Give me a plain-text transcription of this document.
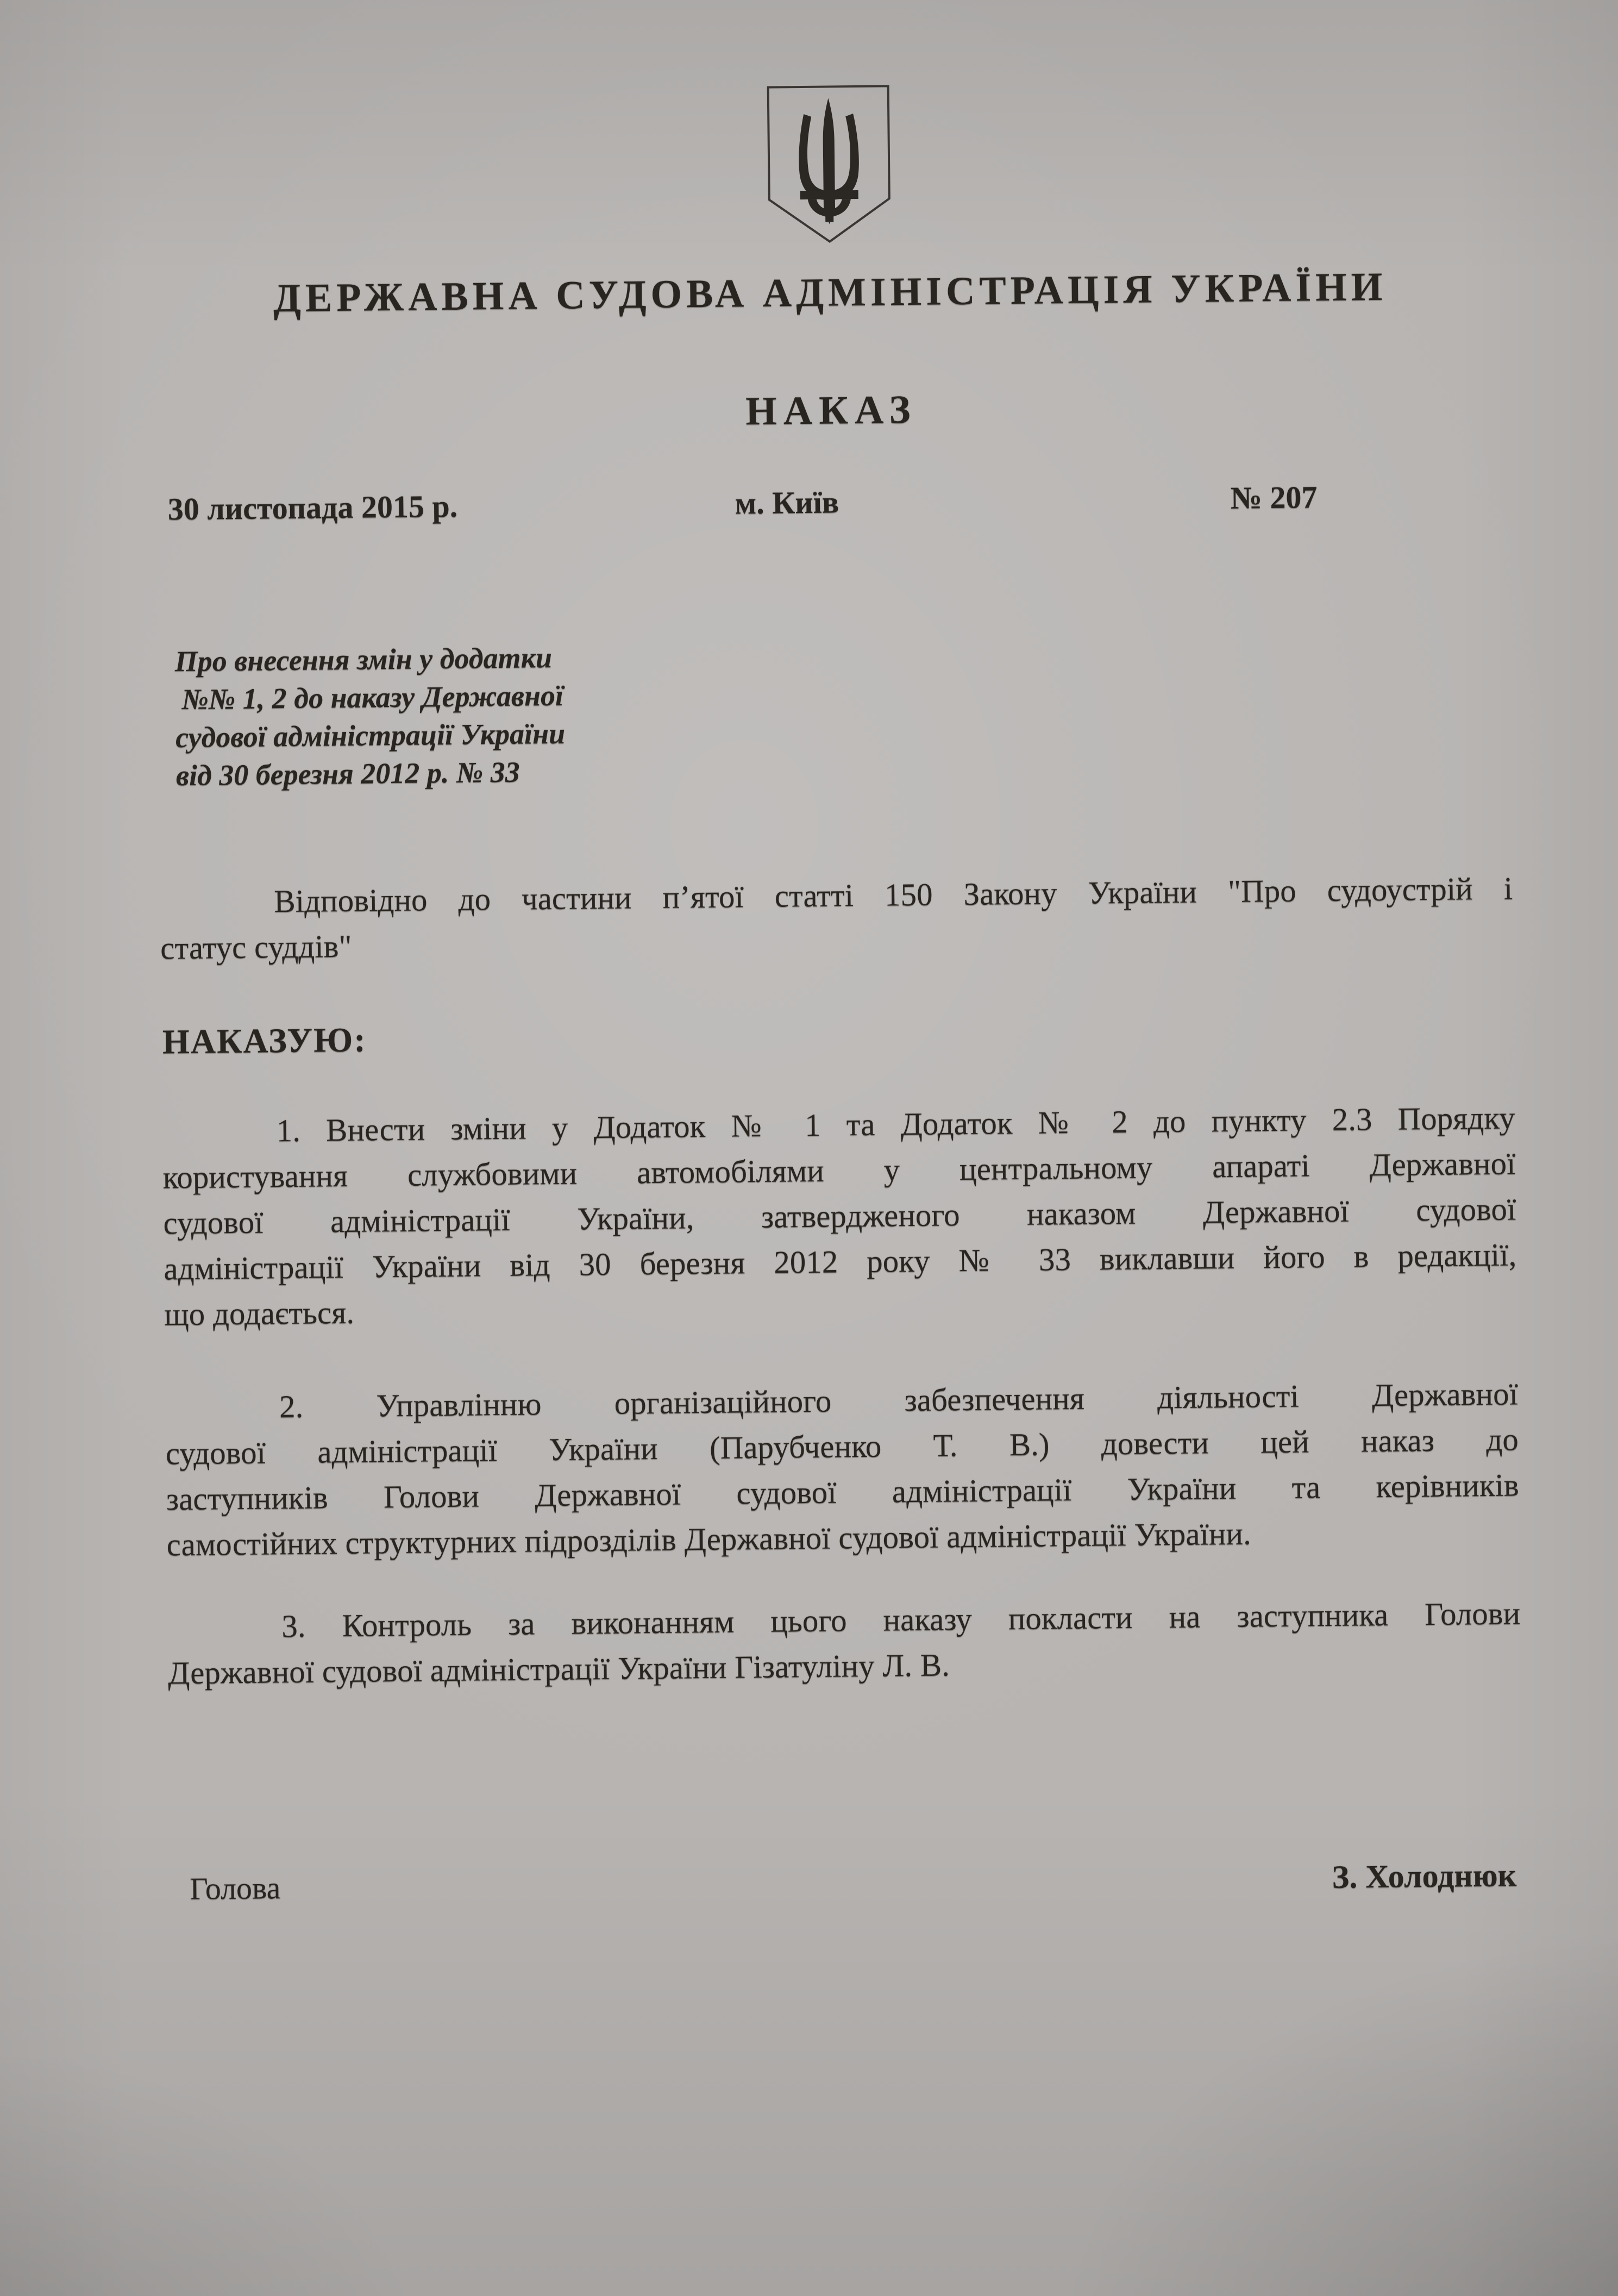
ДЕРЖАВНА СУДОВА АДМІНІСТРАЦІЯ УКРАЇНИ
НАКАЗ
30 листопада 2015 р.	м. Київ	№ 207
Про внесення змін у додатки
№№ 1, 2 до наказу Державної
судової адміністрації України
від 30 березня 2012 р. № 33
Відповідно до частини п’ятої статті 150 Закону України "Про судоустрій і
статус суддів"
НАКАЗУЮ:
1. Внести зміни у Додаток № 1 та Додаток № 2 до пункту 2.3 Порядку
користування службовими автомобілями у центральному апараті Державної
судової адміністрації України, затвердженого наказом Державної судової
адміністрації України від 30 березня 2012 року № 33 виклавши його в редакції,
що додається.
2. Управлінню організаційного забезпечення діяльності Державної
судової адміністрації України (Парубченко Т. В.) довести цей наказ до
заступників Голови Державної судової адміністрації України та керівників
самостійних структурних підрозділів Державної судової адміністрації України.
3. Контроль за виконанням цього наказу покласти на заступника Голови
Державної судової адміністрації України Гізатуліну Л. В.
Голова	З. Холоднюк
